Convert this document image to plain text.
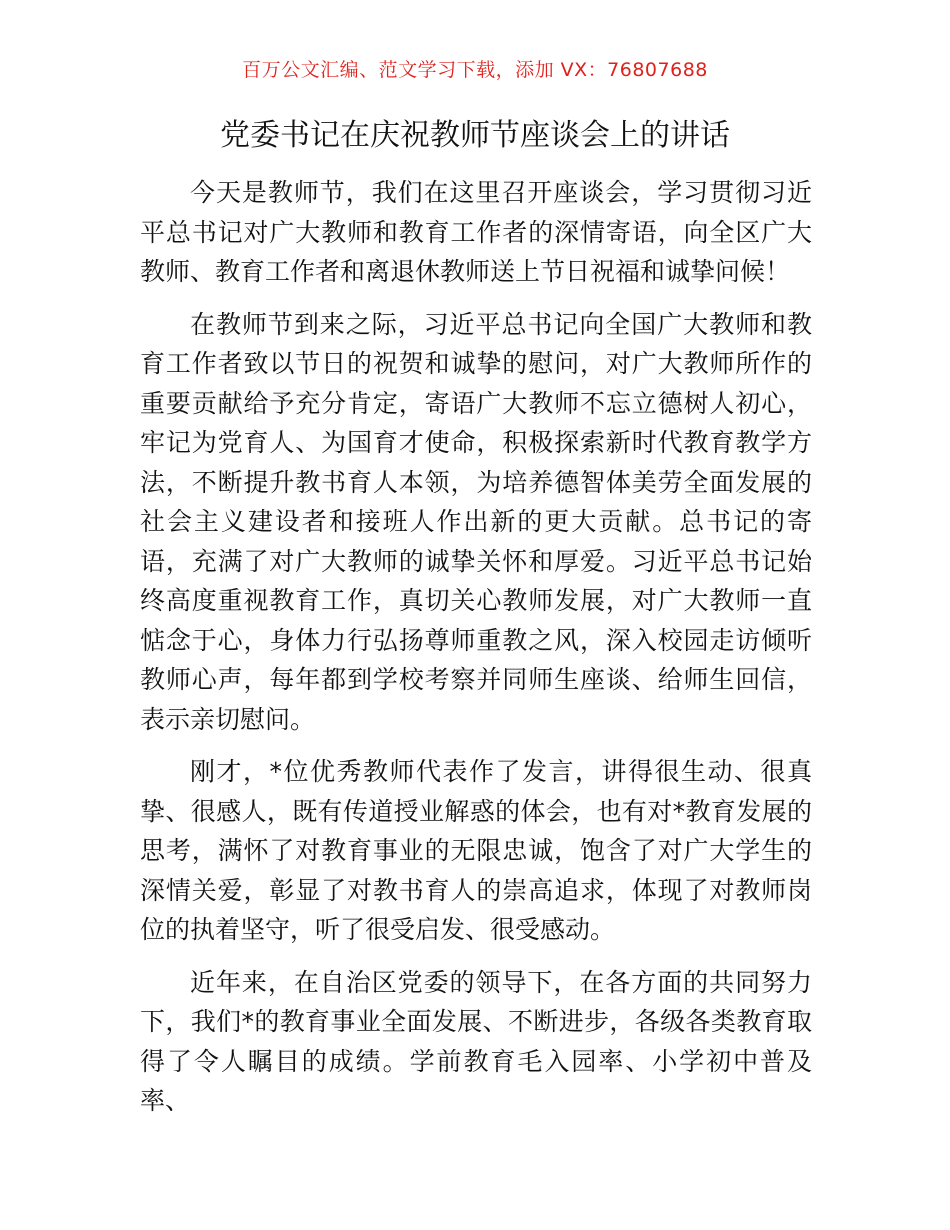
百万公文汇编、范文学习下载，添加 VX：76807688
党委书记在庆祝教师节座谈会上的讲话

今天是教师节，我们在这里召开座谈会，学习贯彻习近平总书记对广大教师和教育工作者的深情寄语，向全区广大教师、教育工作者和离退休教师送上节日祝福和诚挚问候！

在教师节到来之际，习近平总书记向全国广大教师和教育工作者致以节日的祝贺和诚挚的慰问，对广大教师所作的重要贡献给予充分肯定，寄语广大教师不忘立德树人初心，牢记为党育人、为国育才使命，积极探索新时代教育教学方法，不断提升教书育人本领，为培养德智体美劳全面发展的社会主义建设者和接班人作出新的更大贡献。总书记的寄语，充满了对广大教师的诚挚关怀和厚爱。习近平总书记始终高度重视教育工作，真切关心教师发展，对广大教师一直惦念于心，身体力行弘扬尊师重教之风，深入校园走访倾听教师心声，每年都到学校考察并同师生座谈、给师生回信，表示亲切慰问。

刚才，*位优秀教师代表作了发言，讲得很生动、很真挚、很感人，既有传道授业解惑的体会，也有对*教育发展的思考，满怀了对教育事业的无限忠诚，饱含了对广大学生的深情关爱，彰显了对教书育人的崇高追求，体现了对教师岗位的执着坚守，听了很受启发、很受感动。

近年来，在自治区党委的领导下，在各方面的共同努力下，我们*的教育事业全面发展、不断进步，各级各类教育取得了令人瞩目的成绩。学前教育毛入园率、小学初中普及率、
